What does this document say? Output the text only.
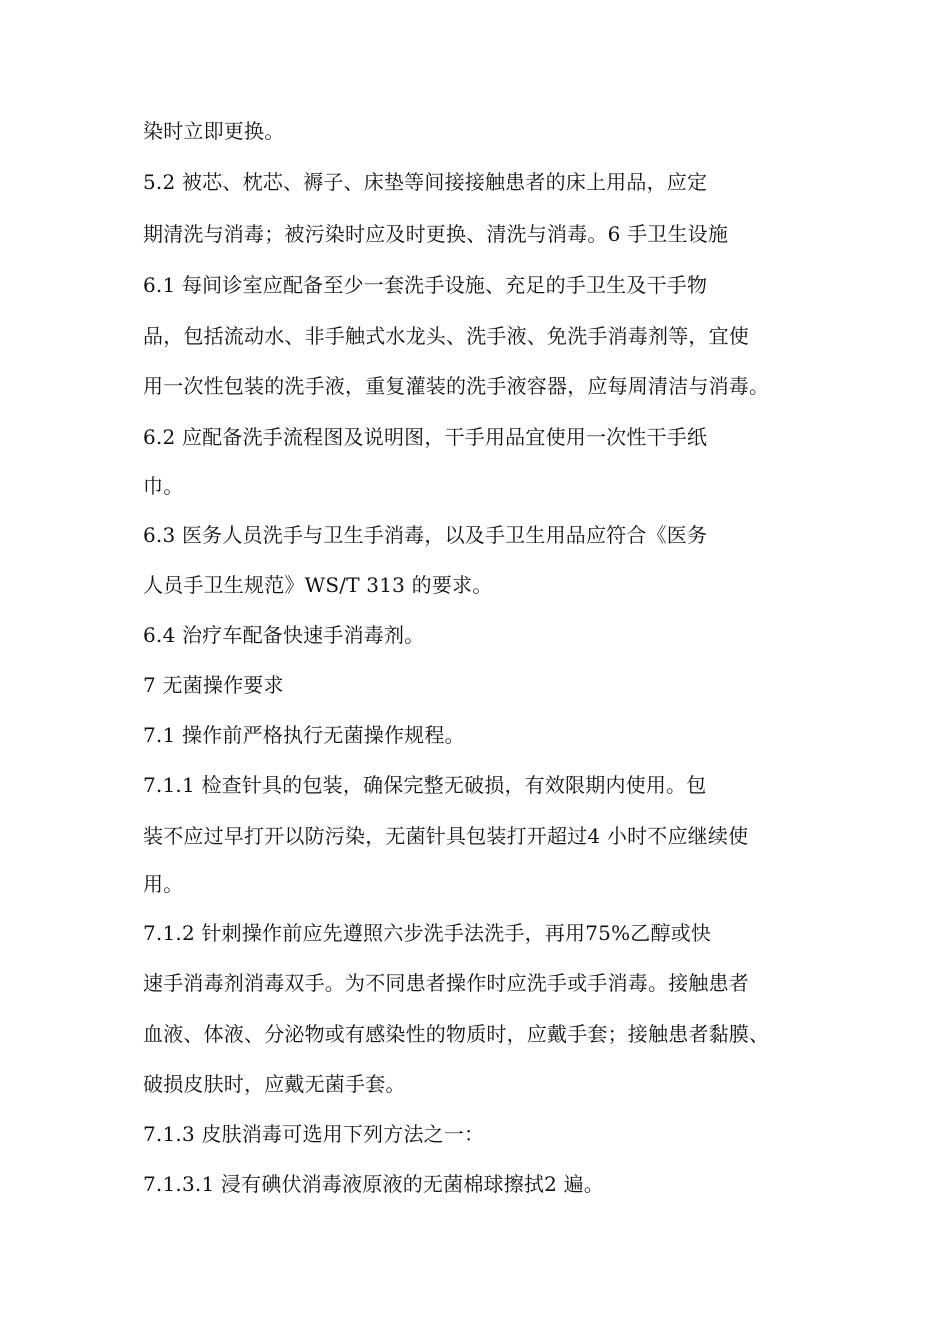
染时立即更换。
5.2 被芯、枕芯、褥子、床垫等间接接触患者的床上用品，应定
期清洗与消毒；被污染时应及时更换、清洗与消毒。6 手卫生设施
6.1 每间诊室应配备至少一套洗手设施、充足的手卫生及干手物
品，包括流动水、非手触式水龙头、洗手液、免洗手消毒剂等，宜使
用一次性包装的洗手液，重复灌装的洗手液容器，应每周清洁与消毒。
6.2 应配备洗手流程图及说明图，干手用品宜使用一次性干手纸
巾。
6.3 医务人员洗手与卫生手消毒，以及手卫生用品应符合《医务
人员手卫生规范》WS/T 313 的要求。
6.4 治疗车配备快速手消毒剂。
7 无菌操作要求
7.1 操作前严格执行无菌操作规程。
7.1.1 检查针具的包装，确保完整无破损，有效限期内使用。包
装不应过早打开以防污染，无菌针具包装打开超过4 小时不应继续使
用。
7.1.2 针刺操作前应先遵照六步洗手法洗手，再用75%乙醇或快
速手消毒剂消毒双手。为不同患者操作时应洗手或手消毒。接触患者
血液、体液、分泌物或有感染性的物质时，应戴手套；接触患者黏膜、
破损皮肤时，应戴无菌手套。
7.1.3 皮肤消毒可选用下列方法之一：
7.1.3.1 浸有碘伏消毒液原液的无菌棉球擦拭2 遍。
